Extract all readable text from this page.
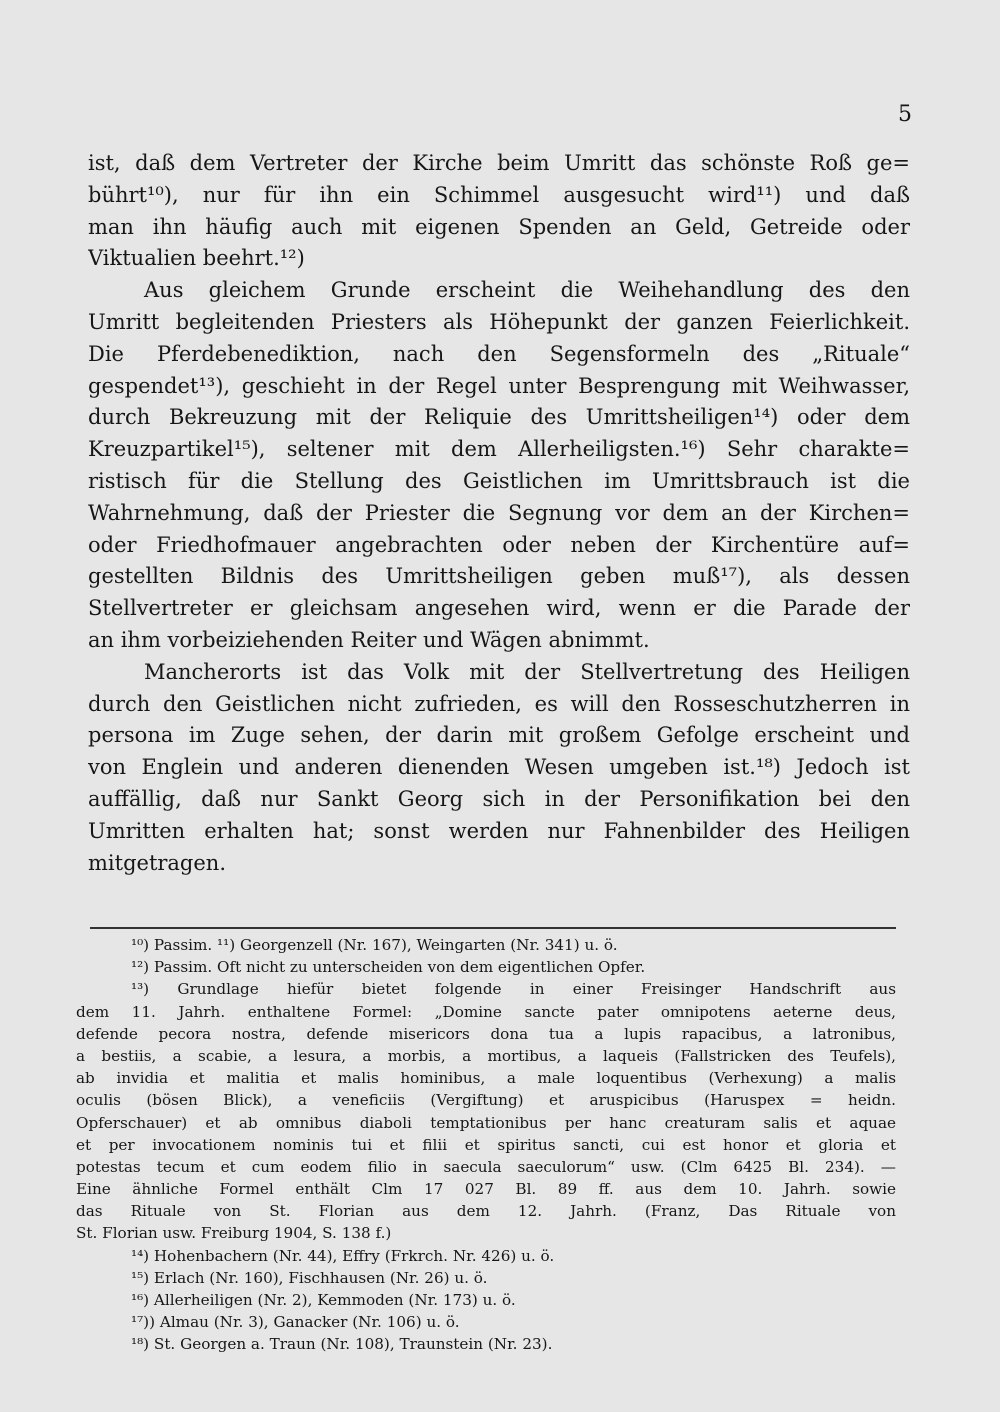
5
ist, daß dem Vertreter der Kirche beim Umritt das schönste Roß ge=
bührt¹⁰), nur für ihn ein Schimmel ausgesucht wird¹¹) und daß
man ihn häufig auch mit eigenen Spenden an Geld, Getreide oder
Viktualien beehrt.¹²)
Aus gleichem Grunde erscheint die Weihehandlung des den
Umritt begleitenden Priesters als Höhepunkt der ganzen Feierlichkeit.
Die Pferdebenediktion, nach den Segensformeln des „Rituale“
gespendet¹³), geschieht in der Regel unter Besprengung mit Weihwasser,
durch Bekreuzung mit der Reliquie des Umrittsheiligen¹⁴) oder dem
Kreuzpartikel¹⁵), seltener mit dem Allerheiligsten.¹⁶) Sehr charakte=
ristisch für die Stellung des Geistlichen im Umrittsbrauch ist die
Wahrnehmung, daß der Priester die Segnung vor dem an der Kirchen=
oder Friedhofmauer angebrachten oder neben der Kirchentüre auf=
gestellten Bildnis des Umrittsheiligen geben muß¹⁷), als dessen
Stellvertreter er gleichsam angesehen wird, wenn er die Parade der
an ihm vorbeiziehenden Reiter und Wägen abnimmt.
Mancherorts ist das Volk mit der Stellvertretung des Heiligen
durch den Geistlichen nicht zufrieden, es will den Rosseschutzherren in
persona im Zuge sehen, der darin mit großem Gefolge erscheint und
von Englein und anderen dienenden Wesen umgeben ist.¹⁸) Jedoch ist
auffällig, daß nur Sankt Georg sich in der Personifikation bei den
Umritten erhalten hat; sonst werden nur Fahnenbilder des Heiligen
mitgetragen.
¹⁰) Passim. ¹¹) Georgenzell (Nr. 167), Weingarten (Nr. 341) u. ö.
¹²) Passim. Oft nicht zu unterscheiden von dem eigentlichen Opfer.
¹³) Grundlage hiefür bietet folgende in einer Freisinger Handschrift aus
dem 11. Jahrh. enthaltene Formel: „Domine sancte pater omnipotens aeterne deus,
defende pecora nostra, defende misericors dona tua a lupis rapacibus, a latronibus,
a bestiis, a scabie, a lesura, a morbis, a mortibus, a laqueis (Fallstricken des Teufels),
ab invidia et malitia et malis hominibus, a male loquentibus (Verhexung) a malis
oculis (bösen Blick), a veneficiis (Vergiftung) et aruspicibus (Haruspex = heidn.
Opferschauer) et ab omnibus diaboli temptationibus per hanc creaturam salis et aquae
et per invocationem nominis tui et filii et spiritus sancti, cui est honor et gloria et
potestas tecum et cum eodem filio in saecula saeculorum“ usw. (Clm 6425 Bl. 234). —
Eine ähnliche Formel enthält Clm 17 027 Bl. 89 ff. aus dem 10. Jahrh. sowie
das Rituale von St. Florian aus dem 12. Jahrh. (Franz, Das Rituale von
St. Florian usw. Freiburg 1904, S. 138 f.)
¹⁴) Hohenbachern (Nr. 44), Effry (Frkrch. Nr. 426) u. ö.
¹⁵) Erlach (Nr. 160), Fischhausen (Nr. 26) u. ö.
¹⁶) Allerheiligen (Nr. 2), Kemmoden (Nr. 173) u. ö.
¹⁷)) Almau (Nr. 3), Ganacker (Nr. 106) u. ö.
¹⁸) St. Georgen a. Traun (Nr. 108), Traunstein (Nr. 23).
